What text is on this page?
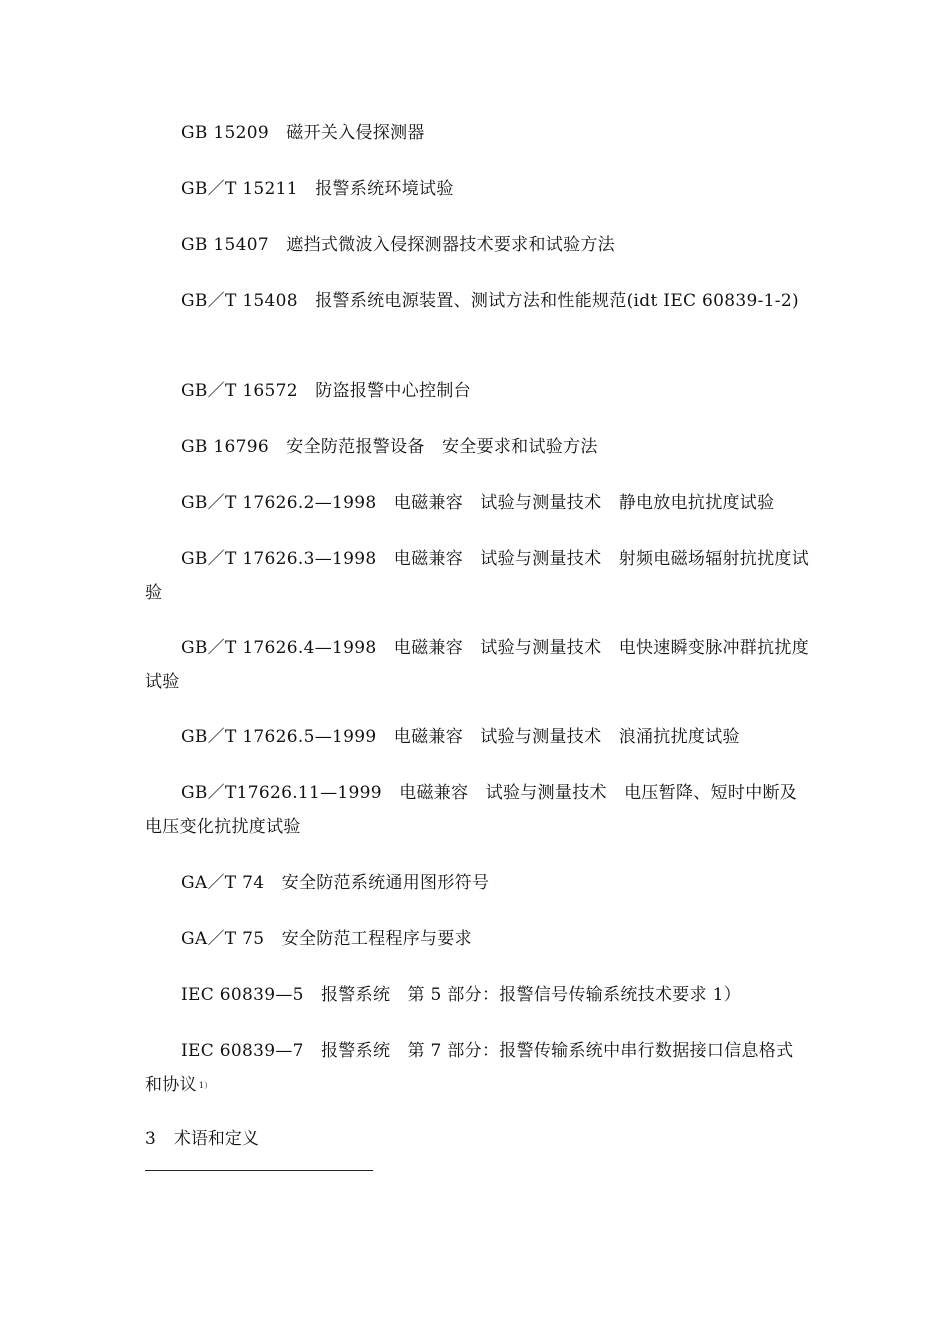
GB 15209　 磁开关入侵探测器

GB／T 15211　 报警系统环境试验

GB 15407　 遮挡式微波入侵探测器技术要求和试验方法

GB／T 15408　 报警系统电源装置、测试方法和性能规范(idt IEC 60839-1-2)

GB／T 16572　 防盗报警中心控制台

GB 16796　 安全防范报警设备　安全要求和试验方法

GB／T 17626.2—1998　 电磁兼容　试验与测量技术　静电放电抗扰度试验

GB／T 17626.3—1998　 电磁兼容　试验与测量技术　射频电磁场辐射抗扰度试验

GB／T 17626.4—1998　 电磁兼容　试验与测量技术　电快速瞬变脉冲群抗扰度试验

GB／T 17626.5—1999　 电磁兼容　试验与测量技术　浪涌抗扰度试验

GB／T17626.11—1999　 电磁兼容　试验与测量技术　电压暂降、短时中断及电压变化抗扰度试验

GA／T 74　 安全防范系统通用图形符号

GA／T 75　 安全防范工程程序与要求

IEC 60839—5　 报警系统　第 5 部分：报警信号传输系统技术要求 1）

IEC 60839—7　 报警系统　第 7 部分：报警传输系统中串行数据接口信息格式和协议 $^{1)}$

3 术语和定义
